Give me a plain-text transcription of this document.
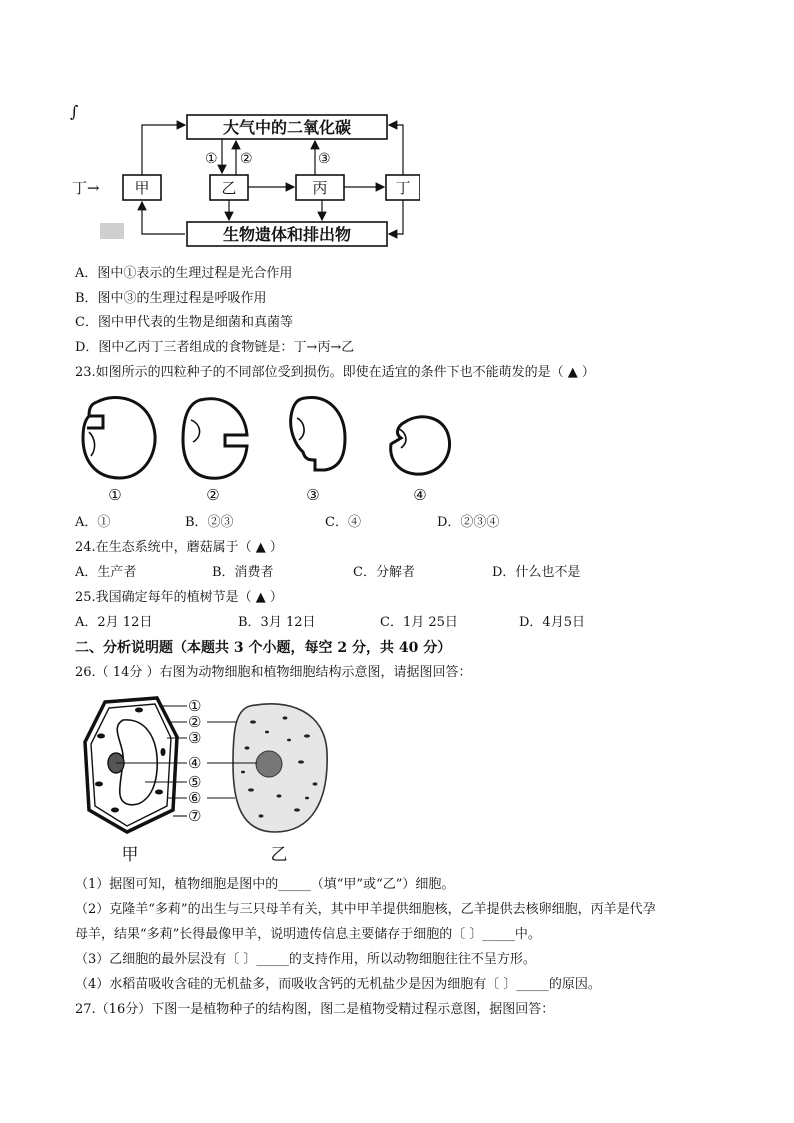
大气中的二氧化碳
生物遗体和排出物
甲	乙	丙	丁
① ②	③
∫
丁→
A．图中①表示的生理过程是光合作用
B．图中③的生理过程是呼吸作用
C．图中甲代表的生物是细菌和真菌等
D．图中乙丙丁三者组成的食物链是：丁→丙→乙
23.如图所示的四粒种子的不同部位受到损伤。即使在适宜的条件下也不能萌发的是（ ▲ ）
①	②	③	④
A．①	B．②③	C．④	D．②③④
24.在生态系统中，蘑菇属于（ ▲ ）
A．生产者	B．消费者	C．分解者	D．什么也不是
25.我国确定每年的植树节是（ ▲ ）
A．2月 12日	B．3月 12日	C．1月 25日	D．4月5日
二、分析说明题（本题共 3 个小题，每空 2 分，共 40 分）
26.（ 14分 ）右图为动物细胞和植物细胞结构示意图，请据图回答：
①
②
③
④
⑤
⑥
⑦
甲	乙
（1）据图可知，植物细胞是图中的_____（填“甲”或“乙”）细胞。
（2）克隆羊“多莉”的出生与三只母羊有关，其中甲羊提供细胞核，乙羊提供去核卵细胞，丙羊是代孕
母羊，结果“多莉”长得最像甲羊，说明遗传信息主要储存于细胞的〔 〕_____中。
（3）乙细胞的最外层没有〔 〕_____的支持作用，所以动物细胞往往不呈方形。
（4）水稻苗吸收含硅的无机盐多，而吸收含钙的无机盐少是因为细胞有〔 〕_____的原因。
27.（16分）下图一是植物种子的结构图，图二是植物受精过程示意图，据图回答：
